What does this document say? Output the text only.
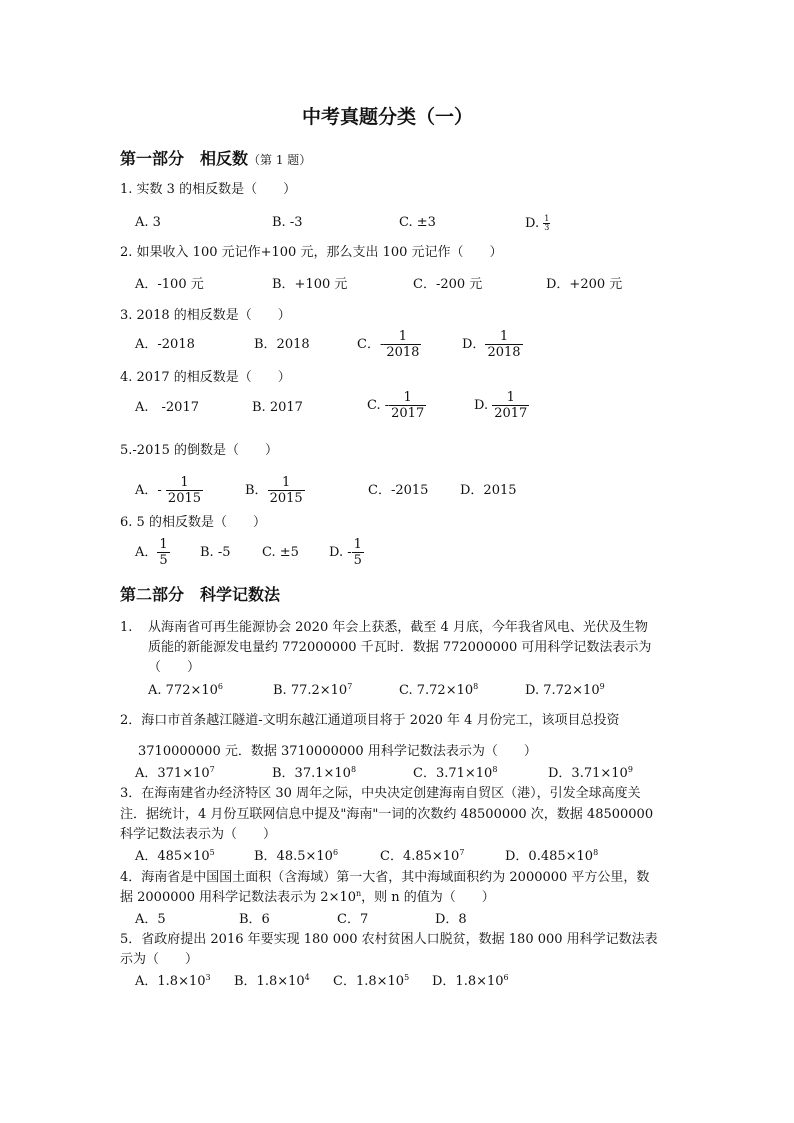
中考真题分类（一）
第一部分　相反数（第 1 题）
1. 实数 3 的相反数是（　　）
A. 3	B. -3	C. ±3	D. $\frac{1}{3}$
2. 如果收入 100 元记作+100 元，那么支出 100 元记作（　　）
A．-100 元	B．+100 元	C．-200 元	D．+200 元
3. 2018 的相反数是（　　）
A．-2018	B．2018	C．- $\frac{1}{2018}$	D． $\frac{1}{2018}$
4. 2017 的相反数是（　　）
A.　-2017	B. 2017	C. - $\frac{1}{2017}$	D. $\frac{1}{2017}$
5.-2015 的倒数是（　　）
A．- $\frac{1}{2015}$	B． $\frac{1}{2015}$	C．-2015 D．2015
6. 5 的相反数是（　　）
A． $\frac{1}{5} B$. -5 C. ±5 D. - $\frac{1}{5}$
第二部分　科学记数法
1. 从海南省可再生能源协会 2020 年会上获悉，截至 4 月底，今年我省风电、光伏及生物
质能的新能源发电量约 772000000 千瓦时．数据 772000000 可用科学记数法表示为
（　　）
A. $772\times 10^6$	B. $77.2\times 10^7$	C. $7.72\times 10^8$	D. $7.72\times 10^9$
2．海口市首条越江隧道-文明东越江通道项目将于 2020 年 4 月份完工，该项目总投资
3710000000 元．数据 3710000000 用科学记数法表示为（　　）
A．$371\times 10^7$	B．$37.1\times 10^8$	C．$3.71\times 10^8$	D．$3.71\times 10^9$
3．在海南建省办经济特区 30 周年之际，中央决定创建海南自贸区（港），引发全球高度关
注．据统计，4 月份互联网信息中提及"海南"一词的次数约 48500000 次，数据 48500000
科学记数法表示为（　　）
A．$485\times 10^5$	B．$48.5\times 10^6$	C．$4.85\times 10^7$	D．$0.485\times 10^8$
4．海南省是中国国土面积（含海域）第一大省，其中海域面积约为 2000000 平方公里，数
据 2000000 用科学记数法表示为 $2\times 10^n$，则 n 的值为（　　）
A．5	B．6	C．7	D．8
5．省政府提出 2016 年要实现 180 000 农村贫困人口脱贫，数据 180 000 用科学记数法表
示为（　　）
A．$1.8\times 10^3$ B．$1.8\times 10^4$ C．$1.8\times 10^5$ D．$1.8\times 10^6$
